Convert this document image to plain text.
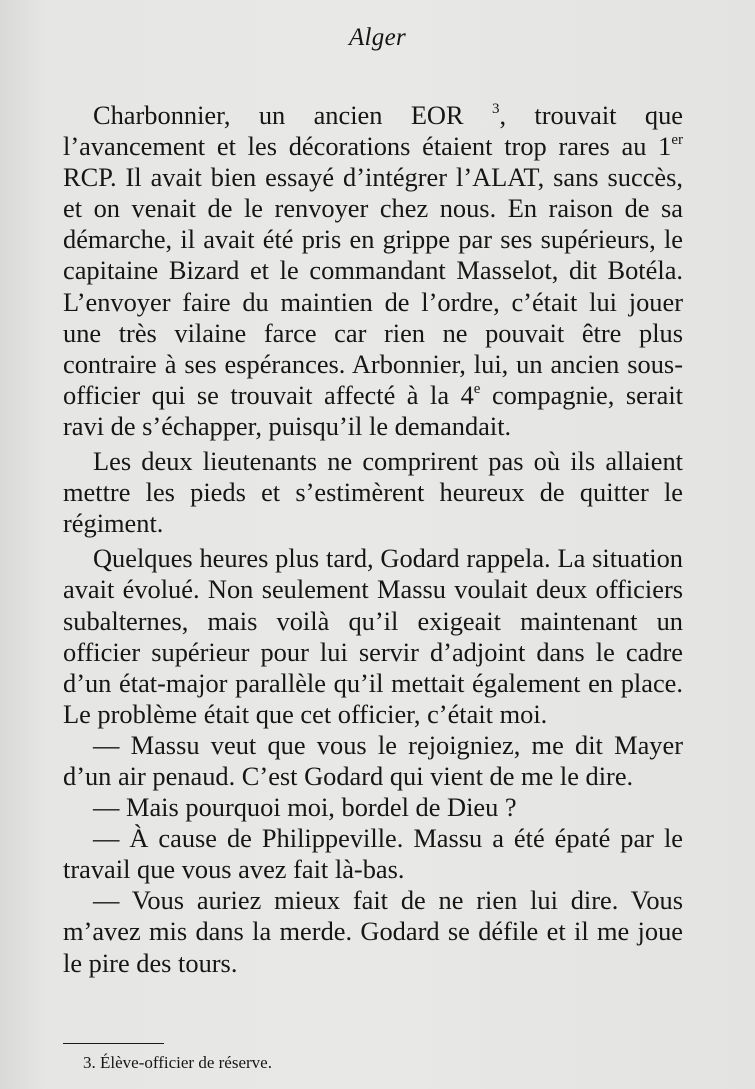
Alger

Charbonnier, un ancien EOR $^3$, trouvait que l’avancement et les décorations étaient trop rares au 1er RCP. Il avait bien essayé d’intégrer l’ALAT, sans succès, et on venait de le renvoyer chez nous. En raison de sa démarche, il avait été pris en grippe par ses supérieurs, le capitaine Bizard et le commandant Masselot, dit Botéla. L’envoyer faire du maintien de l’ordre, c’était lui jouer une très vilaine farce car rien ne pouvait être plus contraire à ses espérances. Arbonnier, lui, un ancien sous-officier qui se trouvait affecté à la 4e compagnie, serait ravi de s’échapper, puisqu’il le demandait.

Les deux lieutenants ne comprirent pas où ils allaient mettre les pieds et s’estimèrent heureux de quitter le régiment.

Quelques heures plus tard, Godard rappela. La situation avait évolué. Non seulement Massu voulait deux officiers subalternes, mais voilà qu’il exigeait maintenant un officier supérieur pour lui servir d’adjoint dans le cadre d’un état-major parallèle qu’il mettait également en place. Le problème était que cet officier, c’était moi.

— Massu veut que vous le rejoigniez, me dit Mayer d’un air penaud. C’est Godard qui vient de me le dire.

— Mais pourquoi moi, bordel de Dieu ?

— À cause de Philippeville. Massu a été épaté par le travail que vous avez fait là-bas.

— Vous auriez mieux fait de ne rien lui dire. Vous m’avez mis dans la merde. Godard se défile et il me joue le pire des tours.

3. Élève-officier de réserve.
